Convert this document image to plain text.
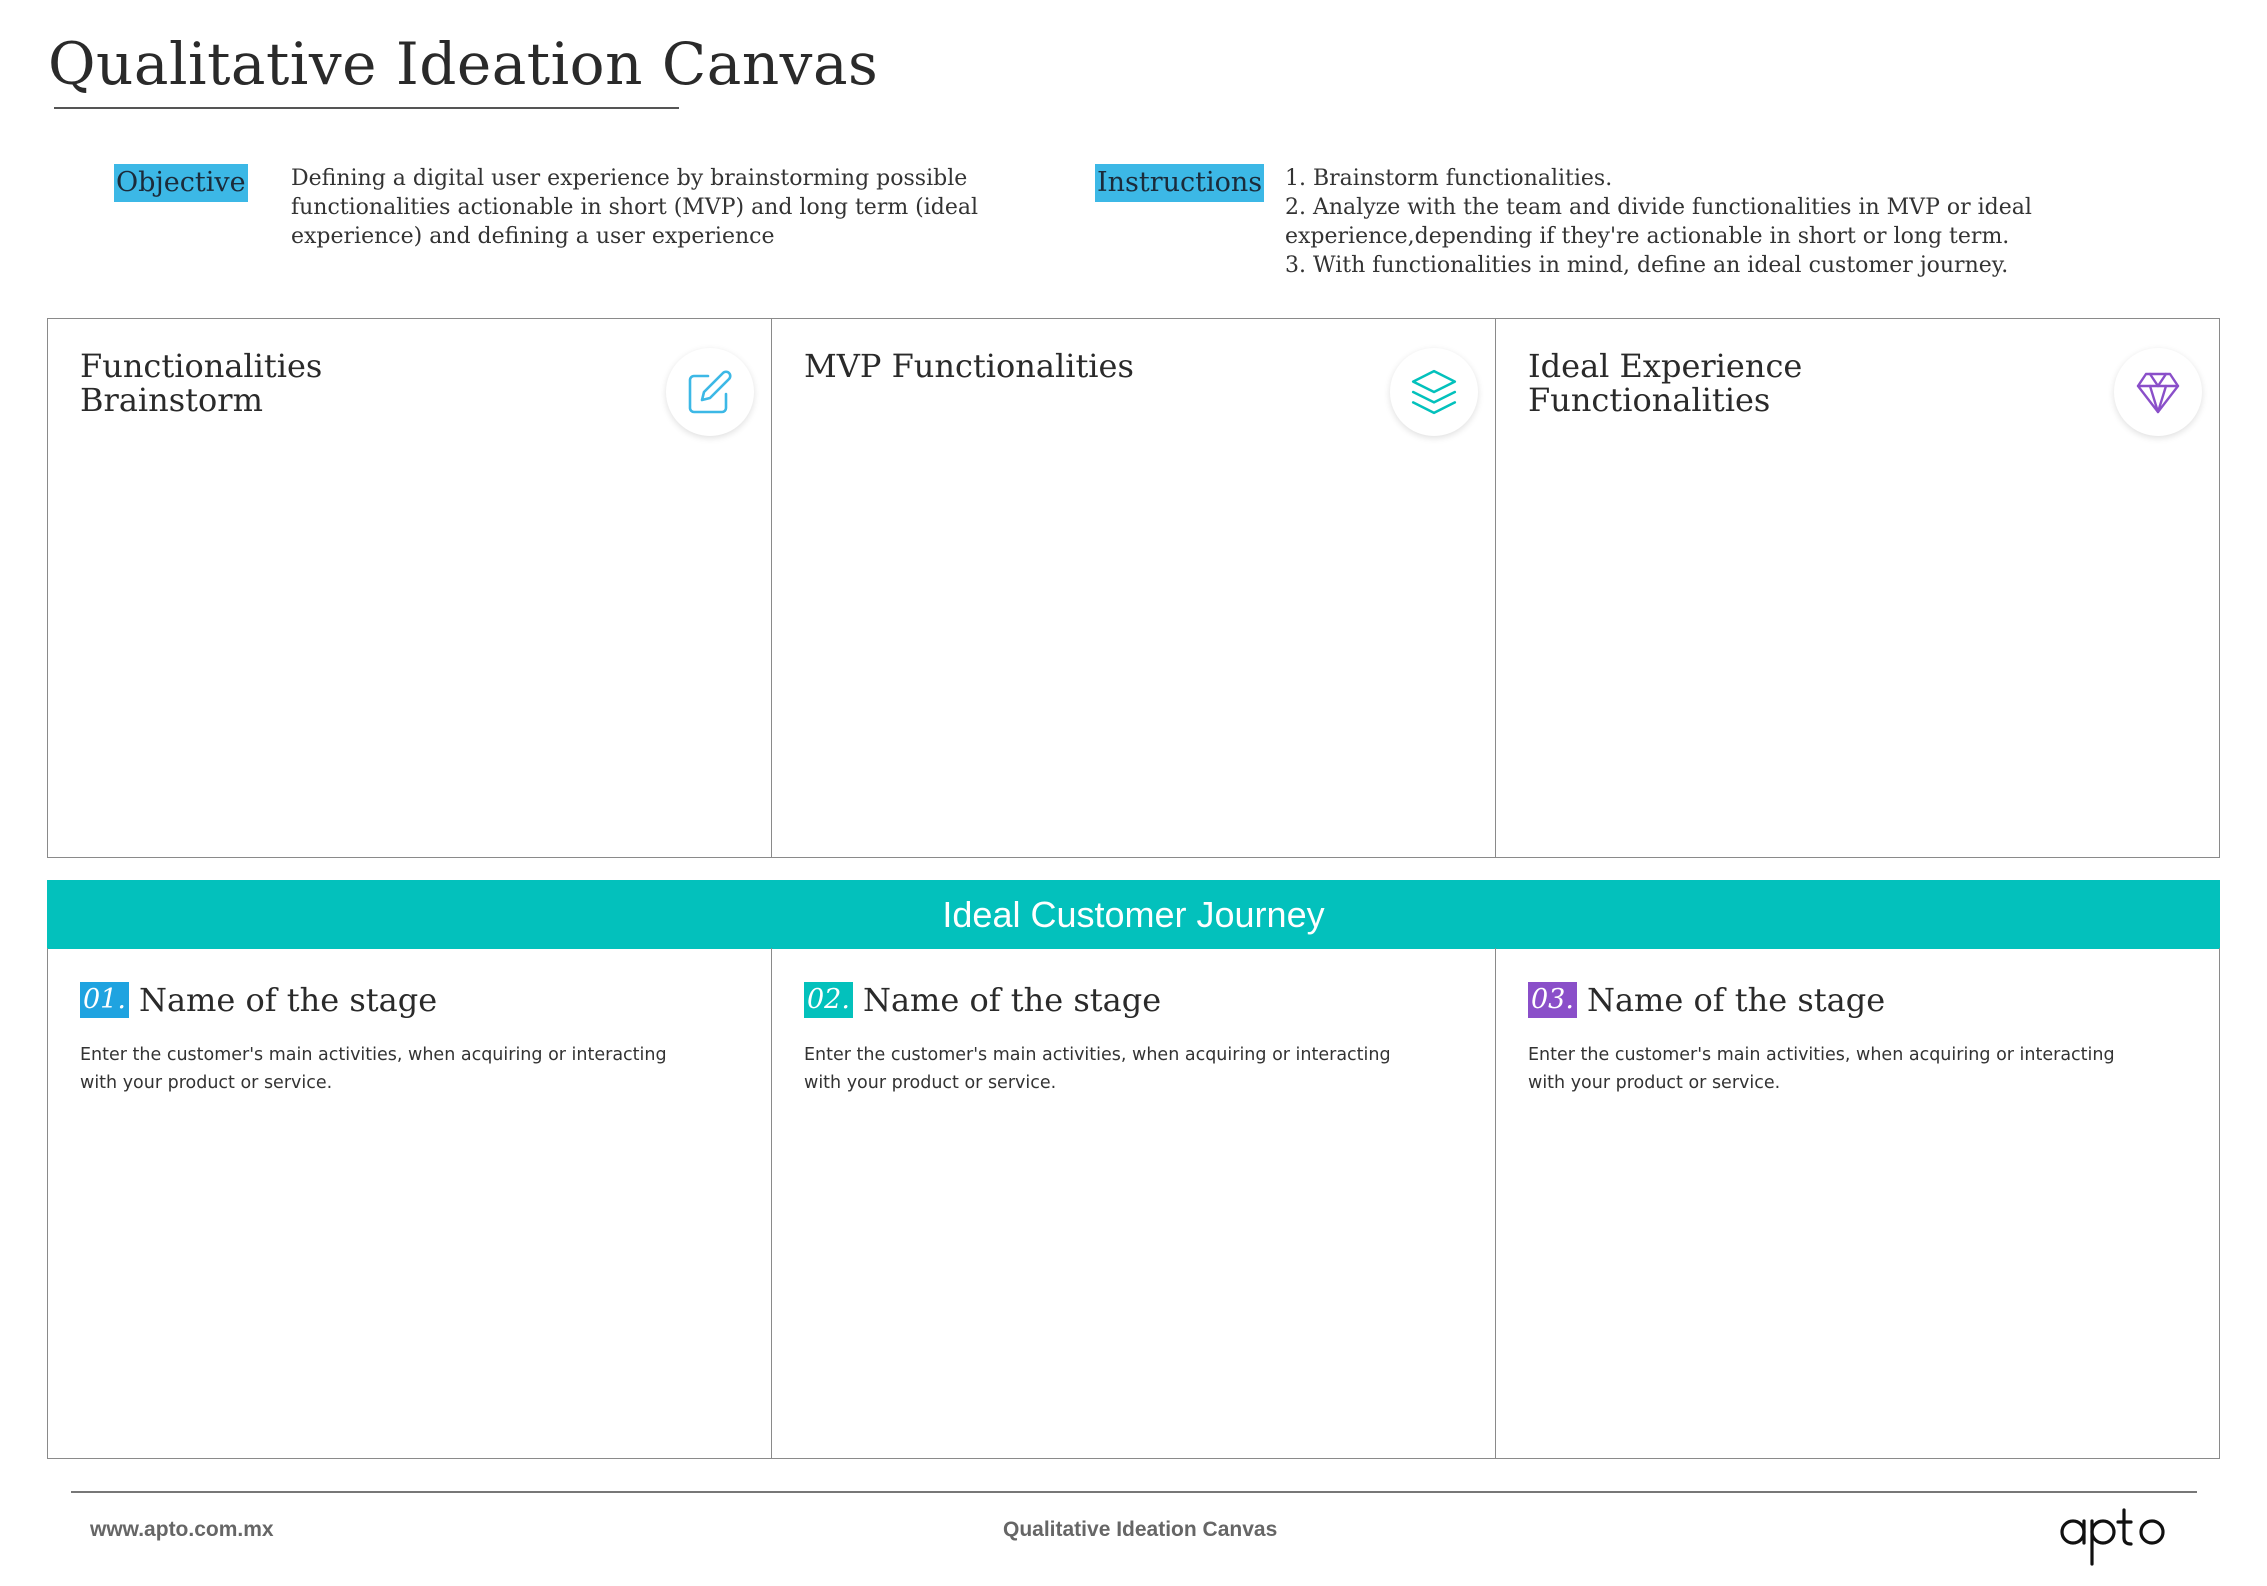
Qualitative Ideation Canvas
Objective Defining a digital user experience by brainstorming possible
functionalities actionable in short (MVP) and long term (ideal
experience) and defining a user experience
Instructions 1. Brainstorm functionalities.
2. Analyze with the team and divide functionalities in MVP or ideal
experience,depending if they're actionable in short or long term.
3. With functionalities in mind, define an ideal customer journey.
Functionalities
Brainstorm
MVP Functionalities	Ideal Experience
Functionalities
Ideal Customer Journey
01. Name of the stage
Enter the customer's main activities, when acquiring or interacting
with your product or service.
02. Name of the stage
Enter the customer's main activities, when acquiring or interacting
with your product or service.
03. Name of the stage
Enter the customer's main activities, when acquiring or interacting
with your product or service.
www.apto.com.mx	Qualitative Ideation Canvas
